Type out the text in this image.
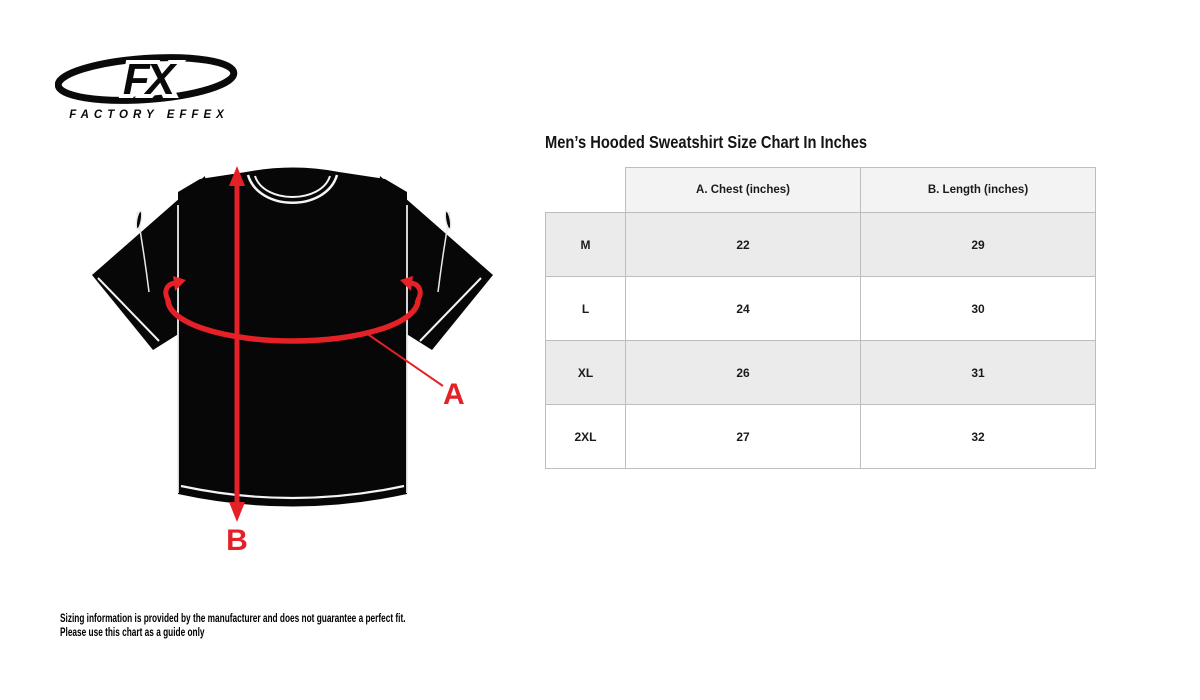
FX
FACTORY EFFEX
A
B
Men’s Hooded Sweatshirt Size Chart In Inches
	A. Chest (inches)	B. Length (inches)
M	22	29
L	24	30
XL	26	31
2XL	27	32
Sizing information is provided by the manufacturer and does not guarantee a perfect fit.
Please use this chart as a guide only
